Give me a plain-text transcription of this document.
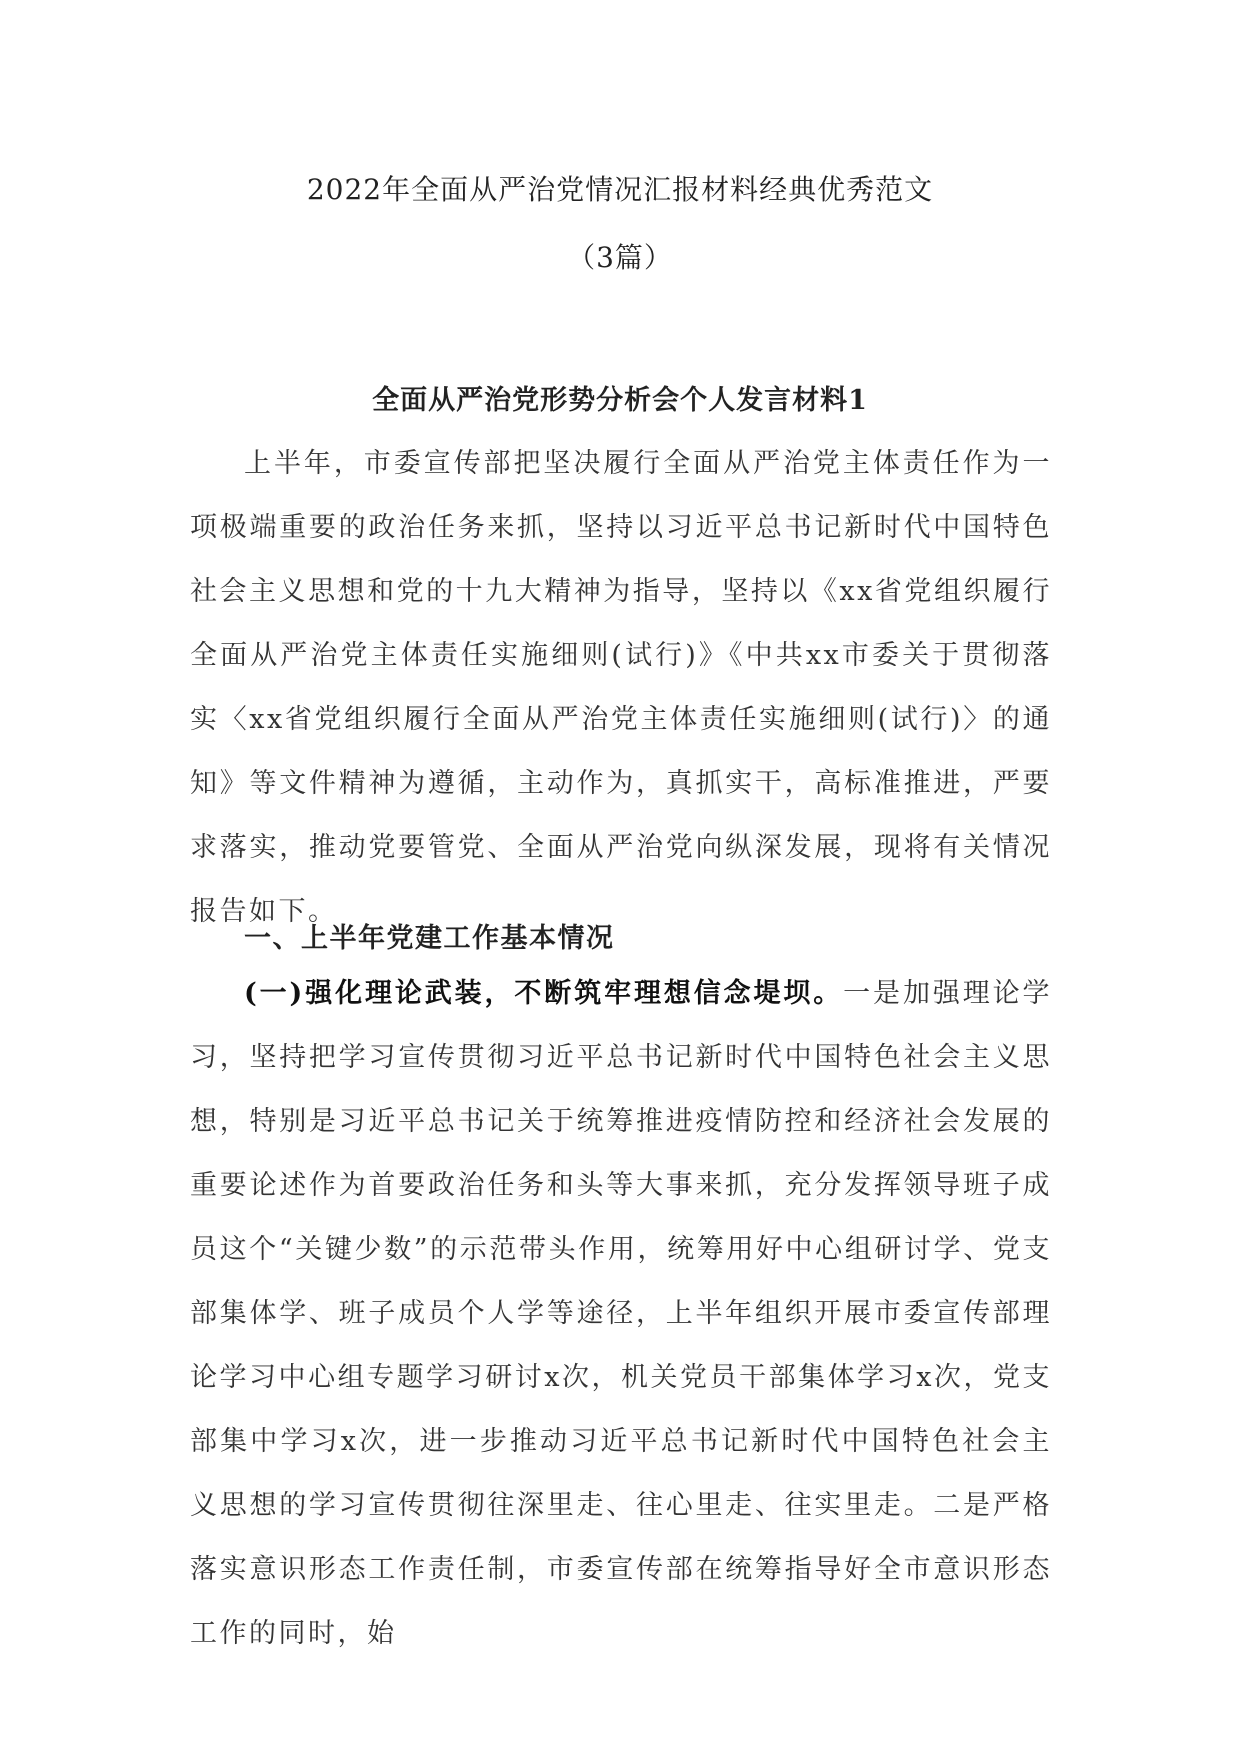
2022年全面从严治党情况汇报材料经典优秀范文
（3篇）
全面从严治党形势分析会个人发言材料1

上半年，市委宣传部把坚决履行全面从严治党主体责任作为一项极端重要的政治任务来抓，坚持以习近平总书记新时代中国特色社会主义思想和党的十九大精神为指导，坚持以《xx省党组织履行全面从严治党主体责任实施细则(试行)》《中共xx市委关于贯彻落实〈xx省党组织履行全面从严治党主体责任实施细则(试行)〉的通知》等文件精神为遵循，主动作为，真抓实干，高标准推进，严要求落实，推动党要管党、全面从严治党向纵深发展，现将有关情况报告如下。

一、上半年党建工作基本情况

(一)强化理论武装，不断筑牢理想信念堤坝。一是加强理论学习，坚持把学习宣传贯彻习近平总书记新时代中国特色社会主义思想，特别是习近平总书记关于统筹推进疫情防控和经济社会发展的重要论述作为首要政治任务和头等大事来抓，充分发挥领导班子成员这个“关键少数”的示范带头作用，统筹用好中心组研讨学、党支部集体学、班子成员个人学等途径，上半年组织开展市委宣传部理论学习中心组专题学习研讨x次，机关党员干部集体学习x次，党支部集中学习x次，进一步推动习近平总书记新时代中国特色社会主义思想的学习宣传贯彻往深里走、往心里走、往实里走。二是严格落实意识形态工作责任制，市委宣传部在统筹指导好全市意识形态工作的同时，始
